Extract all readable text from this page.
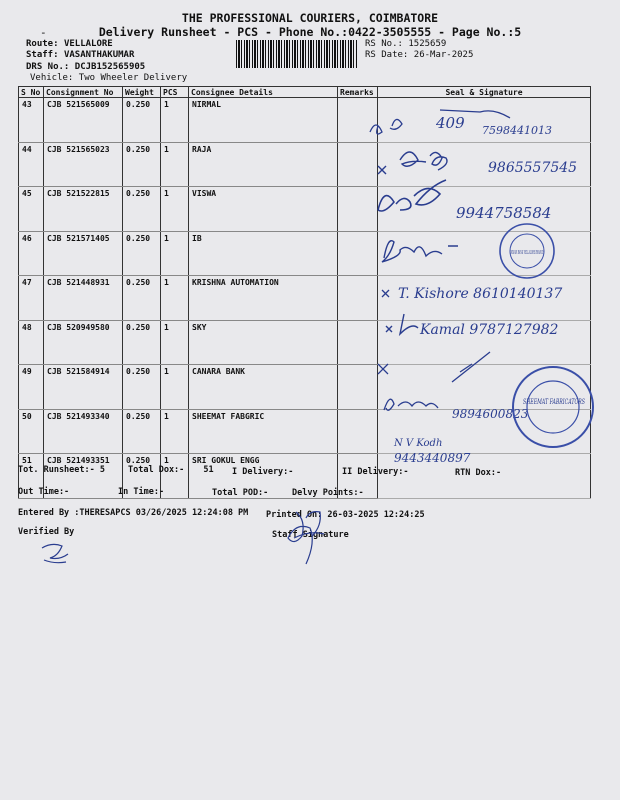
THE PROFESSIONAL COURIERS, COIMBATORE
-	Delivery Runsheet - PCS - Phone No.:0422-3505555 - Page No.:5
Route: VELLALORE
Staff: VASANTHAKUMAR
DRS No.: DCJB152565905
RS No.: 1525659
RS Date: 26-Mar-2025
Vehicle: Two Wheeler Delivery
S No	Consignment No	Weight	PCS	Consignee Details	Remarks	Seal & Signature
43	CJB 521565009	0.250	1	NIRMAL		
44	CJB 521565023	0.250	1	RAJA		
45	CJB 521522815	0.250	1	VISWA		
46	CJB 521571405	0.250	1	IB		
47	CJB 521448931	0.250	1	KRISHNA AUTOMATION		
48	CJB 520949580	0.250	1	SKY		
49	CJB 521584914	0.250	1	CANARA BANK		
50	CJB 521493340	0.250	1	SHEEMAT FABGRIC		
51	CJB 521493351	0.250	1	SRI GOKUL ENGG		
Tot. Runsheet:- 5	Total Dox:- 51 I Delivery:-	II Delivery:-	RTN Dox:-
Out Time:-	In Time:-	Total POD:-	Delvy Points:-
Entered By :THERESAPCS 03/26/2025 12:24:08 PM Printed On: 26-03-2025 12:24:25
Verified By	Staff Signature
409 7598441013
9865557545
9944758584
INDIAN BANK VELLALORE BRANCH
T. Kishore 8610140137
Kamal 9787127982
9894600823
SHEEMAT FABRICATORS
N V Kodh
9443440897
